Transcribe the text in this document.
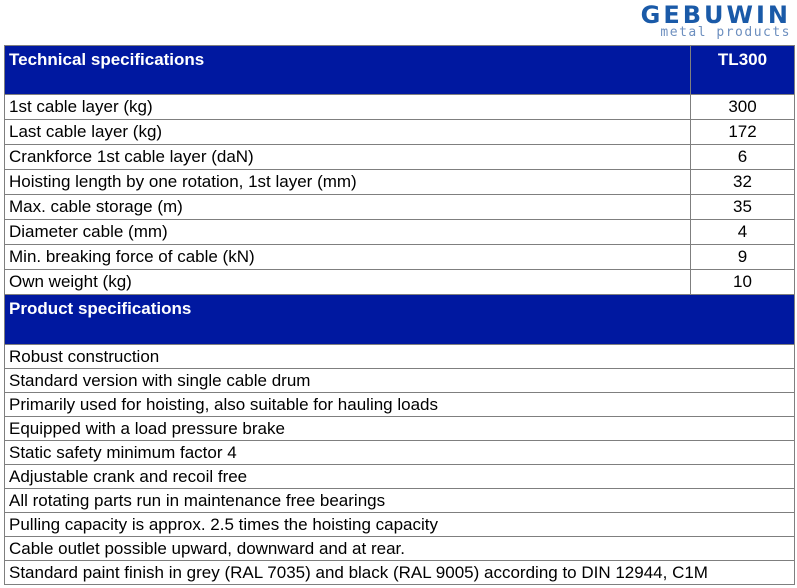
GEBUWIN
metal products
Technical specifications	TL300
1st cable layer (kg)	300
Last cable layer (kg)	172
Crankforce 1st cable layer (daN)	6
Hoisting length by one rotation, 1st layer (mm)	32
Max. cable storage (m)	35
Diameter cable (mm)	4
Min. breaking force of cable (kN)	9
Own weight (kg)	10
Product specifications	
Robust construction	
Standard version with single cable drum	
Primarily used for hoisting, also suitable for hauling loads	
Equipped with a load pressure brake	
Static safety minimum factor 4	
Adjustable crank and recoil free	
All rotating parts run in maintenance free bearings	
Pulling capacity is approx. 2.5 times the hoisting capacity	
Cable outlet possible upward, downward and at rear.	
Standard paint finish in grey (RAL 7035) and black (RAL 9005) according to DIN 12944, C1M	
